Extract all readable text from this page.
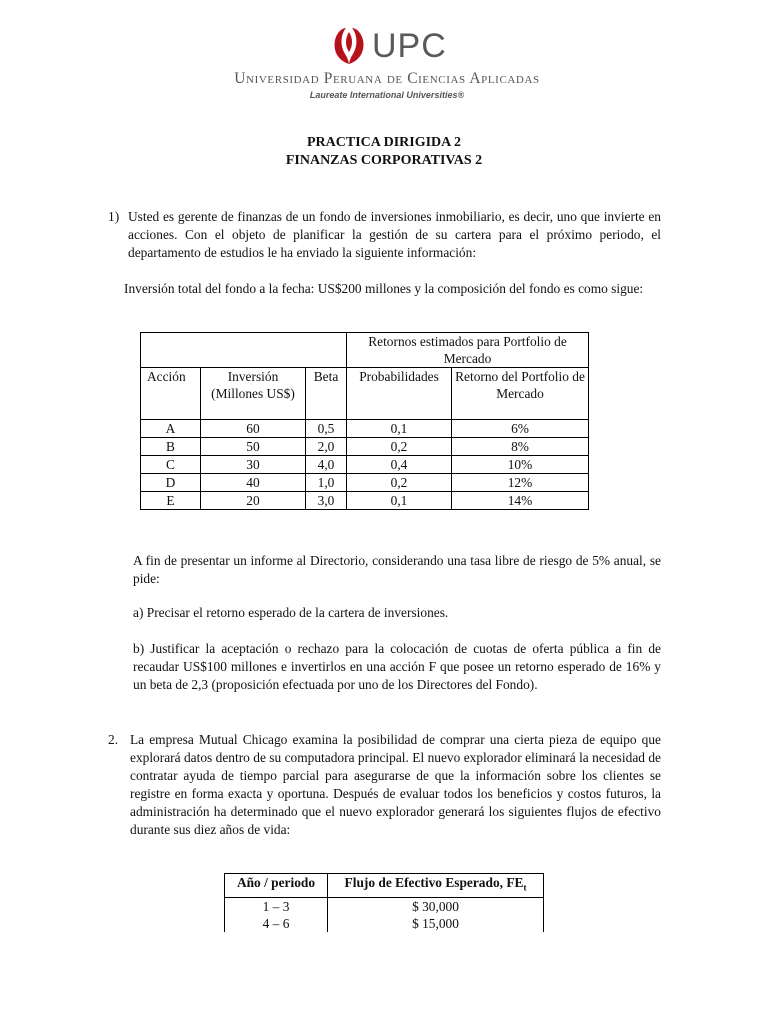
UPC
Universidad Peruana de Ciencias Aplicadas
Laureate International Universities®
PRACTICA DIRIGIDA 2
FINANZAS CORPORATIVAS 2
1) Usted es gerente de finanzas de un fondo de inversiones inmobiliario, es decir, uno que invierte en acciones. Con el objeto de planificar la gestión de su cartera para el próximo periodo, el departamento de estudios le ha enviado la siguiente información:
Inversión total del fondo a la fecha: US$200 millones y la composición del fondo es como sigue:
			Retornos estimados para Portfolio de Mercado	
Acción	Inversión (Millones US$)	Beta	Probabilidades	Retorno del Portfolio de Mercado
A	60	0,5	0,1	6%
B	50	2,0	0,2	8%
C	30	4,0	0,4	10%
D	40	1,0	0,2	12%
E	20	3,0	0,1	14%
A fin de presentar un informe al Directorio, considerando una tasa libre de riesgo de 5% anual, se pide:
a) Precisar el retorno esperado de la cartera de inversiones.
b) Justificar la aceptación o rechazo para la colocación de cuotas de oferta pública a fin de recaudar US$100 millones e invertirlos en una acción F que posee un retorno esperado de 16% y un beta de 2,3 (proposición efectuada por uno de los Directores del Fondo).
2. La empresa Mutual Chicago examina la posibilidad de comprar una cierta pieza de equipo que explorará datos dentro de su computadora principal. El nuevo explorador eliminará la necesidad de contratar ayuda de tiempo parcial para asegurarse de que la información sobre los clientes se registre en forma exacta y oportuna. Después de evaluar todos los beneficios y costos futuros, la administración ha determinado que el nuevo explorador generará los siguientes flujos de efectivo durante sus diez años de vida:
Año / periodo	Flujo de Efectivo Esperado, $FE_t$
1 – 3	$ 30,000
4 – 6	$ 15,000
